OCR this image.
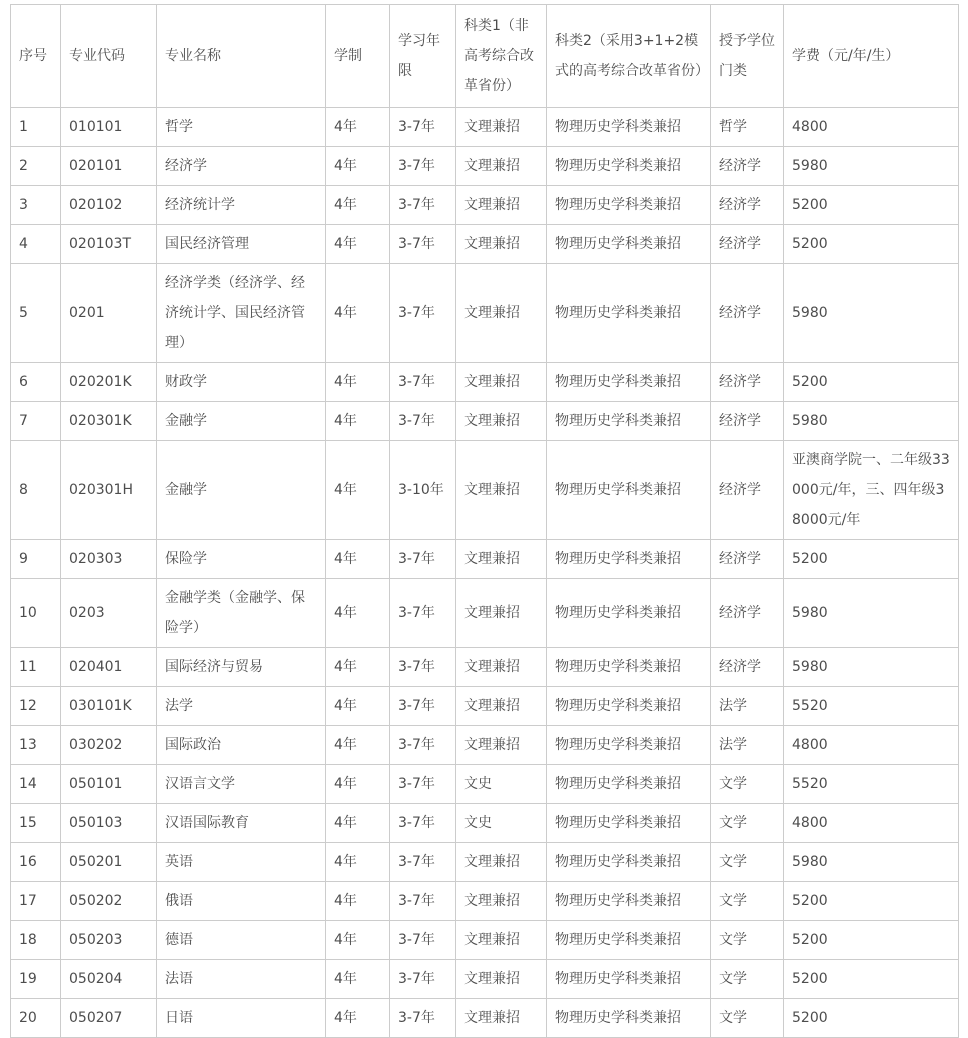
序号	专业代码	专业名称	学制	学习年限	科类1（非高考综合改革省份）	科类2（采用3+1+2模式的高考综合改革省份）	授予学位门类	学费（元/年/生）
1	010101	哲学	4年	3-7年	文理兼招	物理历史学科类兼招	哲学	4800
2	020101	经济学	4年	3-7年	文理兼招	物理历史学科类兼招	经济学	5980
3	020102	经济统计学	4年	3-7年	文理兼招	物理历史学科类兼招	经济学	5200
4	020103T	国民经济管理	4年	3-7年	文理兼招	物理历史学科类兼招	经济学	5200
5	0201	经济学类（经济学、经济统计学、国民经济管理）	4年	3-7年	文理兼招	物理历史学科类兼招	经济学	5980
6	020201K	财政学	4年	3-7年	文理兼招	物理历史学科类兼招	经济学	5200
7	020301K	金融学	4年	3-7年	文理兼招	物理历史学科类兼招	经济学	5980
8	020301H	金融学	4年	3-10年	文理兼招	物理历史学科类兼招	经济学	亚澳商学院一、二年级33000元/年，三、四年级38000元/年
9	020303	保险学	4年	3-7年	文理兼招	物理历史学科类兼招	经济学	5200
10	0203	金融学类（金融学、保险学）	4年	3-7年	文理兼招	物理历史学科类兼招	经济学	5980
11	020401	国际经济与贸易	4年	3-7年	文理兼招	物理历史学科类兼招	经济学	5980
12	030101K	法学	4年	3-7年	文理兼招	物理历史学科类兼招	法学	5520
13	030202	国际政治	4年	3-7年	文理兼招	物理历史学科类兼招	法学	4800
14	050101	汉语言文学	4年	3-7年	文史	物理历史学科类兼招	文学	5520
15	050103	汉语国际教育	4年	3-7年	文史	物理历史学科类兼招	文学	4800
16	050201	英语	4年	3-7年	文理兼招	物理历史学科类兼招	文学	5980
17	050202	俄语	4年	3-7年	文理兼招	物理历史学科类兼招	文学	5200
18	050203	德语	4年	3-7年	文理兼招	物理历史学科类兼招	文学	5200
19	050204	法语	4年	3-7年	文理兼招	物理历史学科类兼招	文学	5200
20	050207	日语	4年	3-7年	文理兼招	物理历史学科类兼招	文学	5200
